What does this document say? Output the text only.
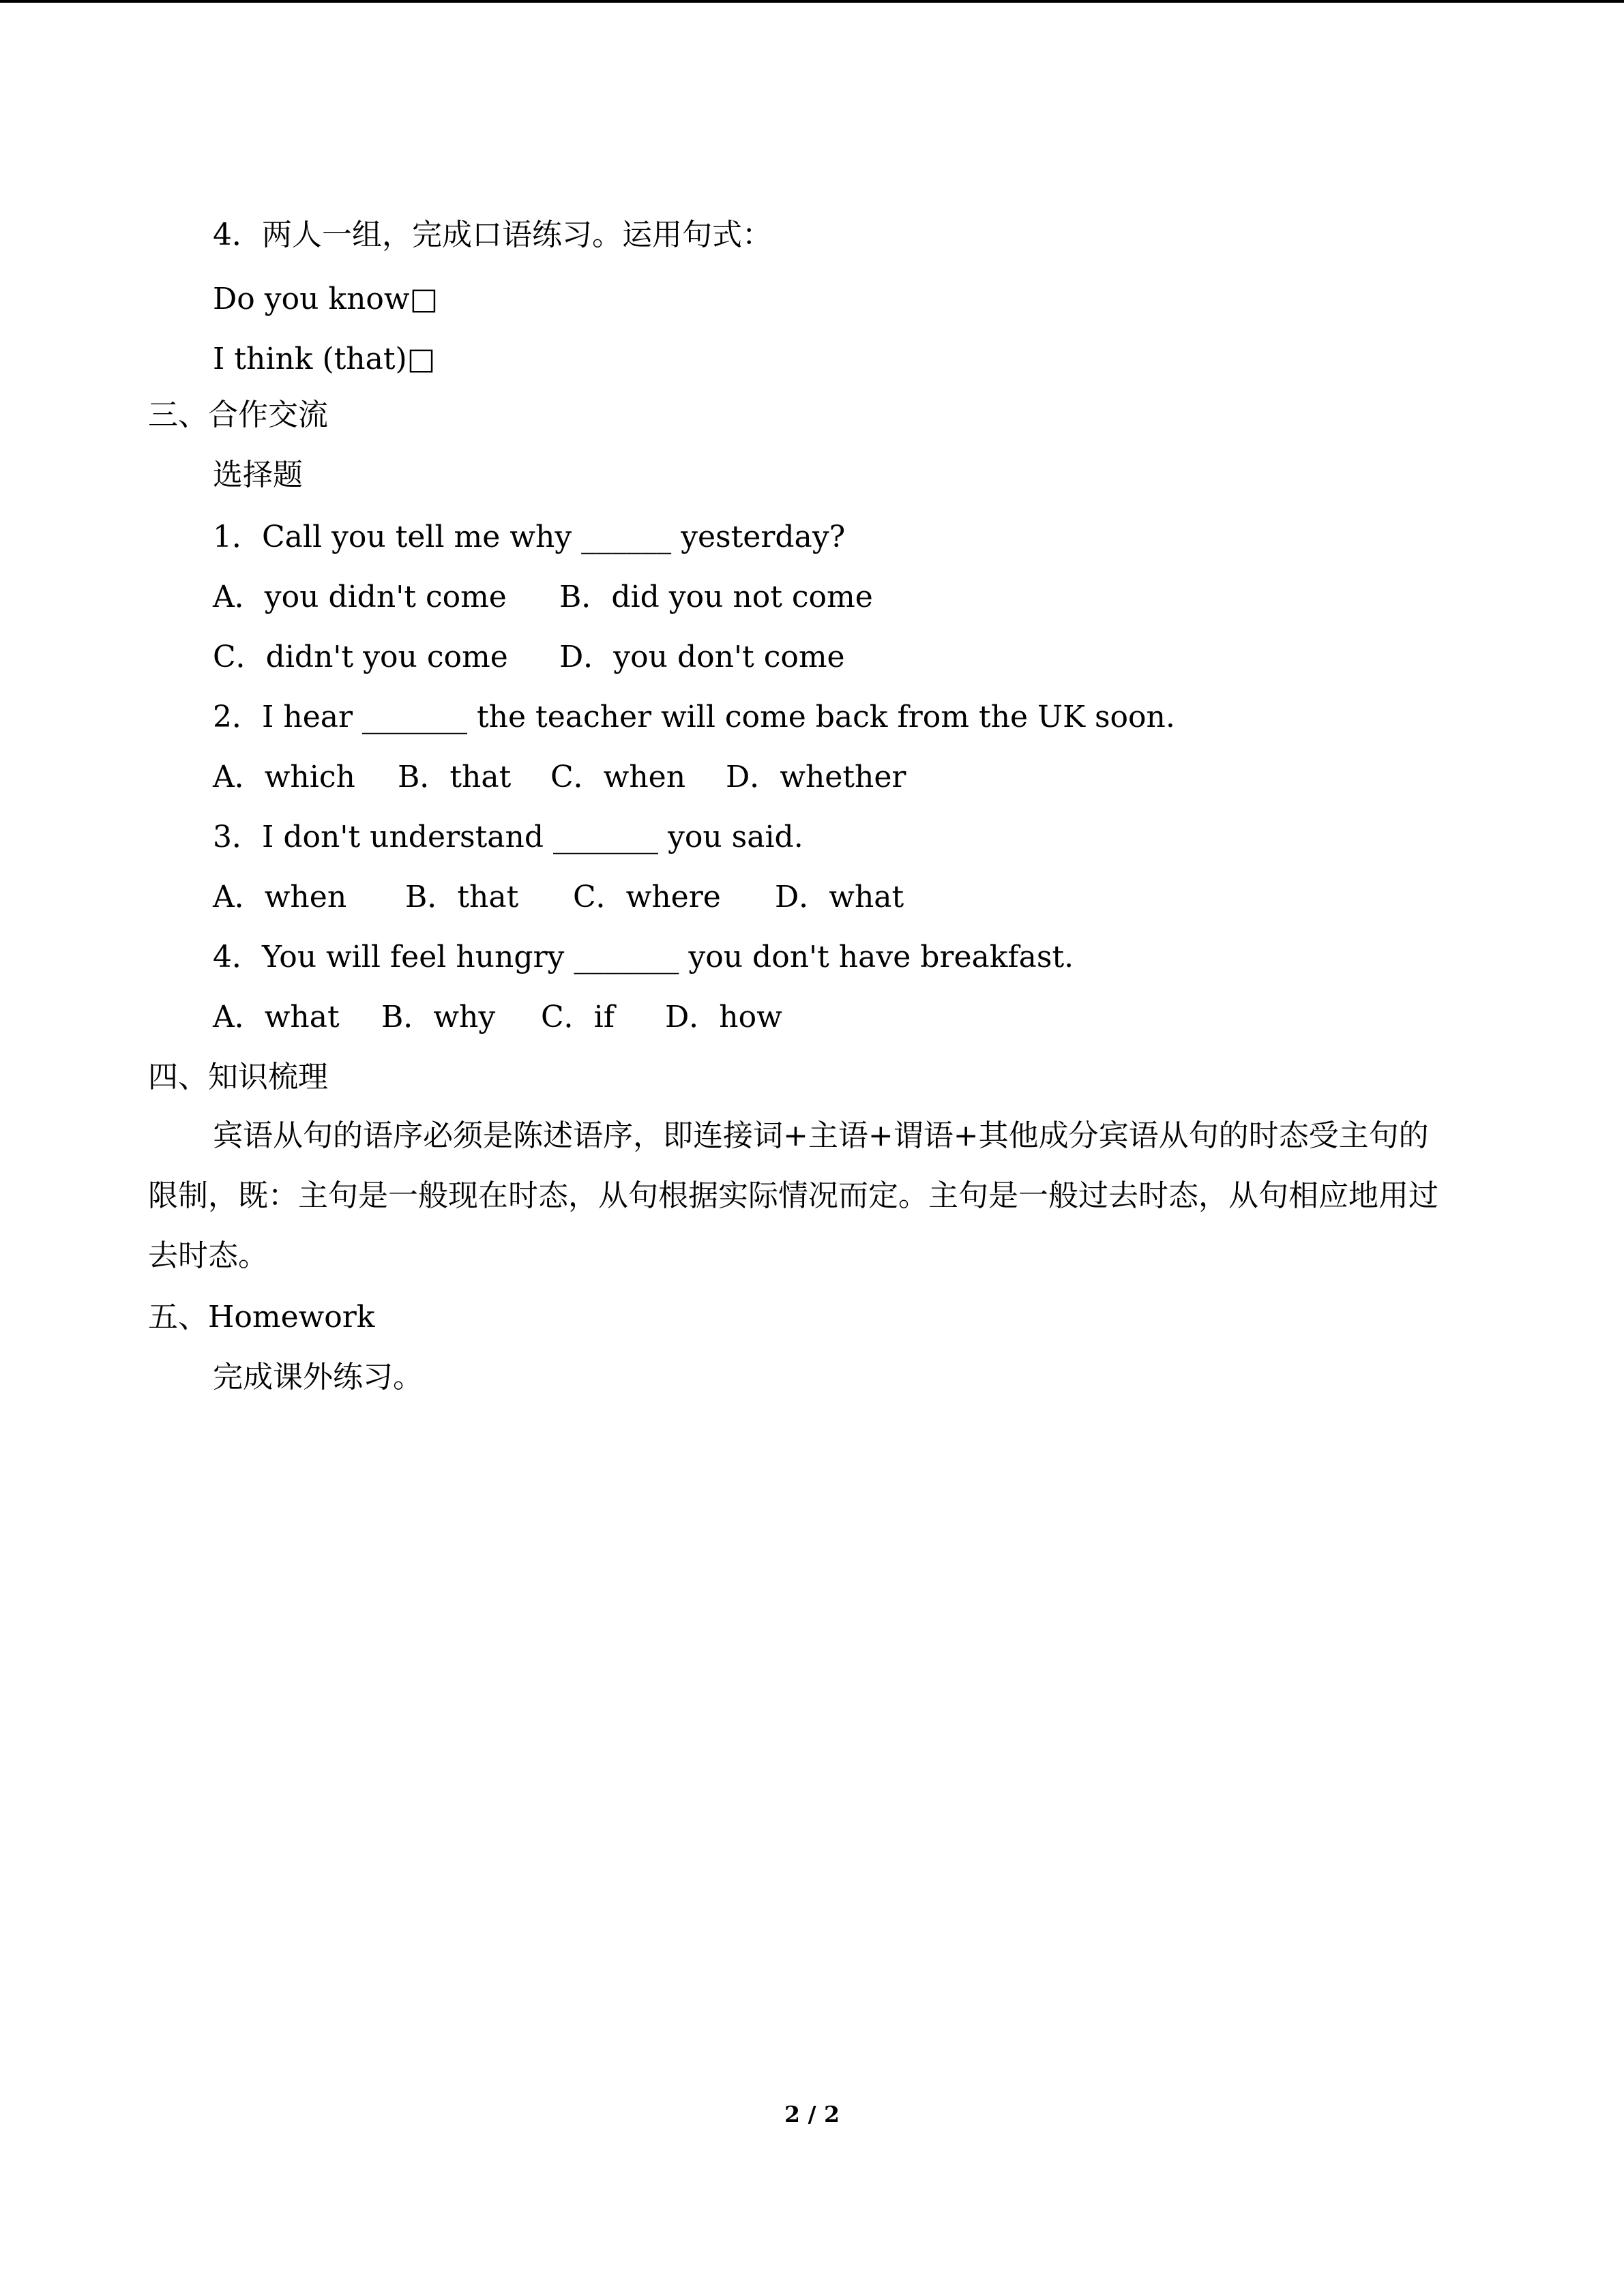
4．两人一组，完成口语练习。运用句式：
Do you know□
I think (that)□
三、合作交流
选择题
1．Call you tell me why ______ yesterday?
A．you didn't come B．did you not come
C．didn't you come D．you don't come
2．I hear _______ the teacher will come back from the UK soon.
A．which B．that C．when D．whether
3．I don't understand _______ you said.
A．when B．that C．where D．what
4．You will feel hungry _______ you don't have breakfast.
A．what B．why C．if D．how
四、知识梳理

宾语从句的语序必须是陈述语序，即连接词+主语+谓语+其他成分宾语从句的时态受主句的限制，既：主句是一般现在时态，从句根据实际情况而定。主句是一般过去时态，从句相应地用过去时态。

五、Homework
完成课外练习。
2 / 2
